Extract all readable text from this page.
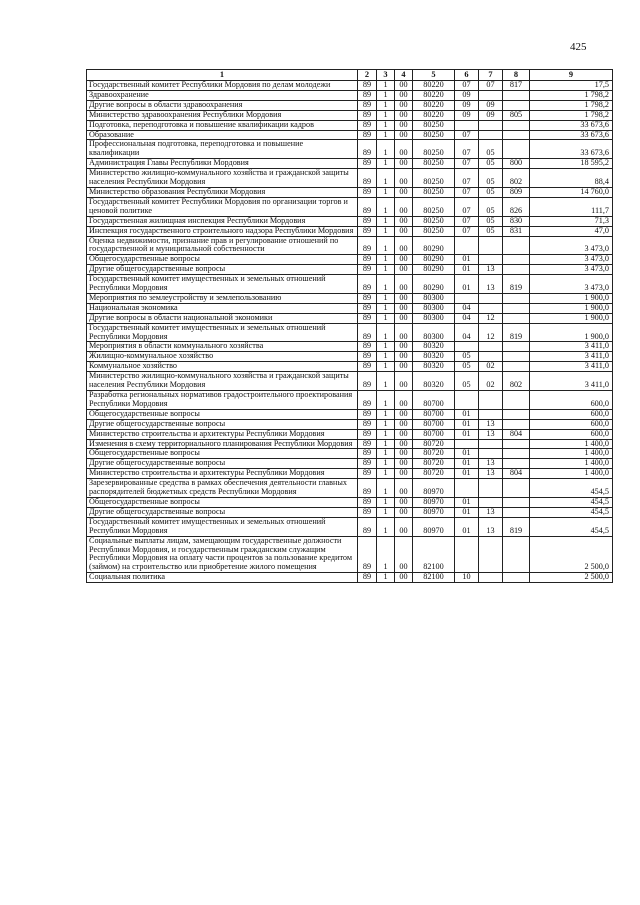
425
1	2	3	4	5	6	7	8	9
Государственный комитет Республики Мордовия по делам молодежи	89	1	00	80220	07	07	817	17,5
Здравоохранение	89	1	00	80220	09			1 798,2
Другие вопросы в области здравоохранения	89	1	00	80220	09	09		1 798,2
Министерство здравоохранения Республики Мордовия	89	1	00	80220	09	09	805	1 798,2
Подготовка, переподготовка и повышение квалификации кадров	89	1	00	80250				33 673,6
Образование	89	1	00	80250	07			33 673,6
Профессиональная подготовка, переподготовка и повышение квалификации	89	1	00	80250	07	05		33 673,6
Администрация Главы Республики Мордовия	89	1	00	80250	07	05	800	18 595,2
Министерство жилищно-коммунального хозяйства и гражданской защиты населения Республики Мордовия	89	1	00	80250	07	05	802	88,4
Министерство образования Республики Мордовия	89	1	00	80250	07	05	809	14 760,0
Государственный комитет Республики Мордовия по организации торгов и ценовой политике	89	1	00	80250	07	05	826	111,7
Государственная жилищная инспекция Республики Мордовия	89	1	00	80250	07	05	830	71,3
Инспекция государственного строительного надзора Республики Мордовия	89	1	00	80250	07	05	831	47,0
Оценка недвижимости, признание прав и регулирование отношений по государственной и муниципальной собственности	89	1	00	80290				3 473,0
Общегосударственные вопросы	89	1	00	80290	01			3 473,0
Другие общегосударственные вопросы	89	1	00	80290	01	13		3 473,0
Государственный комитет имущественных и земельных отношений Республики Мордовия	89	1	00	80290	01	13	819	3 473,0
Мероприятия по землеустройству и землепользованию	89	1	00	80300				1 900,0
Национальная экономика	89	1	00	80300	04			1 900,0
Другие вопросы в области национальной экономики	89	1	00	80300	04	12		1 900,0
Государственный комитет имущественных и земельных отношений Республики Мордовия	89	1	00	80300	04	12	819	1 900,0
Мероприятия в области коммунального хозяйства	89	1	00	80320				3 411,0
Жилищно-коммунальное хозяйство	89	1	00	80320	05			3 411,0
Коммунальное хозяйство	89	1	00	80320	05	02		3 411,0
Министерство жилищно-коммунального хозяйства и гражданской защиты населения Республики Мордовия	89	1	00	80320	05	02	802	3 411,0
Разработка региональных нормативов градостроительного проектирования Республики Мордовия	89	1	00	80700				600,0
Общегосударственные вопросы	89	1	00	80700	01			600,0
Другие общегосударственные вопросы	89	1	00	80700	01	13		600,0
Министерство строительства и архитектуры Республики Мордовия	89	1	00	80700	01	13	804	600,0
Изменения в схему территориального планирования Республики Мордовия	89	1	00	80720				1 400,0
Общегосударственные вопросы	89	1	00	80720	01			1 400,0
Другие общегосударственные вопросы	89	1	00	80720	01	13		1 400,0
Министерство строительства и архитектуры Республики Мордовия	89	1	00	80720	01	13	804	1 400,0
Зарезервированные средства в рамках обеспечения деятельности главных распорядителей бюджетных средств Республики Мордовия	89	1	00	80970				454,5
Общегосударственные вопросы	89	1	00	80970	01			454,5
Другие общегосударственные вопросы	89	1	00	80970	01	13		454,5
Государственный комитет имущественных и земельных отношений Республики Мордовия	89	1	00	80970	01	13	819	454,5
Социальные выплаты лицам, замещающим государственные должности Республики Мордовия, и государственным гражданским служащим Республики Мордовия на оплату части процентов за пользование кредитом (займом) на строительство или приобретение жилого помещения	89	1	00	82100				2 500,0
Социальная политика	89	1	00	82100	10			2 500,0
